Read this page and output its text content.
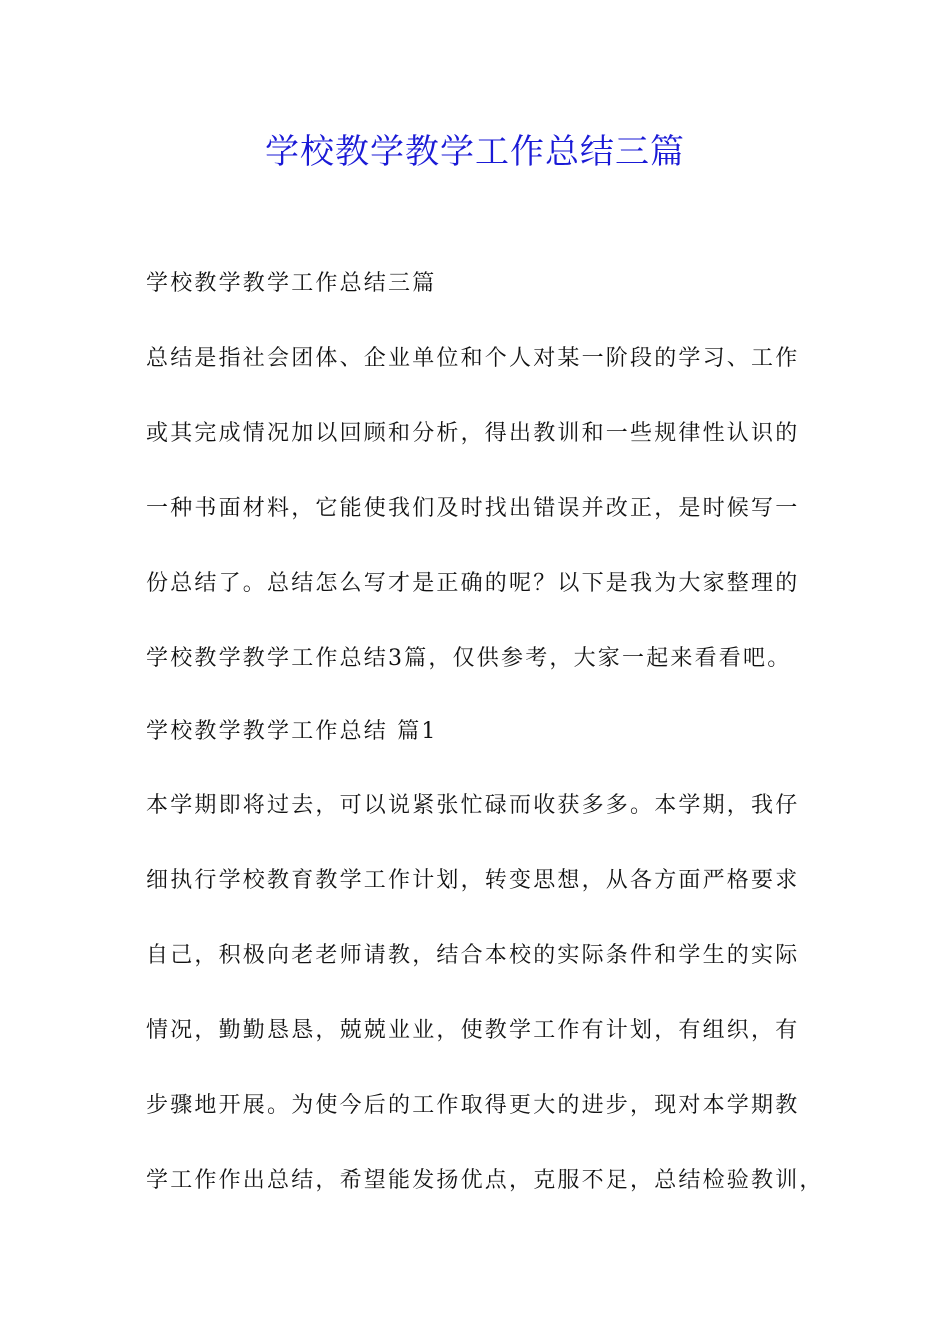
学校教学教学工作总结三篇
学校教学教学工作总结三篇
总结是指社会团体、企业单位和个人对某一阶段的学习、工作
或其完成情况加以回顾和分析，得出教训和一些规律性认识的
一种书面材料，它能使我们及时找出错误并改正，是时候写一
份总结了。总结怎么写才是正确的呢？以下是我为大家整理的
学校教学教学工作总结3篇，仅供参考，大家一起来看看吧。
学校教学教学工作总结 篇1
本学期即将过去，可以说紧张忙碌而收获多多。本学期，我仔
细执行学校教育教学工作计划，转变思想，从各方面严格要求
自己，积极向老老师请教，结合本校的实际条件和学生的实际
情况，勤勤恳恳，兢兢业业，使教学工作有计划，有组织，有
步骤地开展。为使今后的工作取得更大的进步，现对本学期教
学工作作出总结，希望能发扬优点，克服不足，总结检验教训，
